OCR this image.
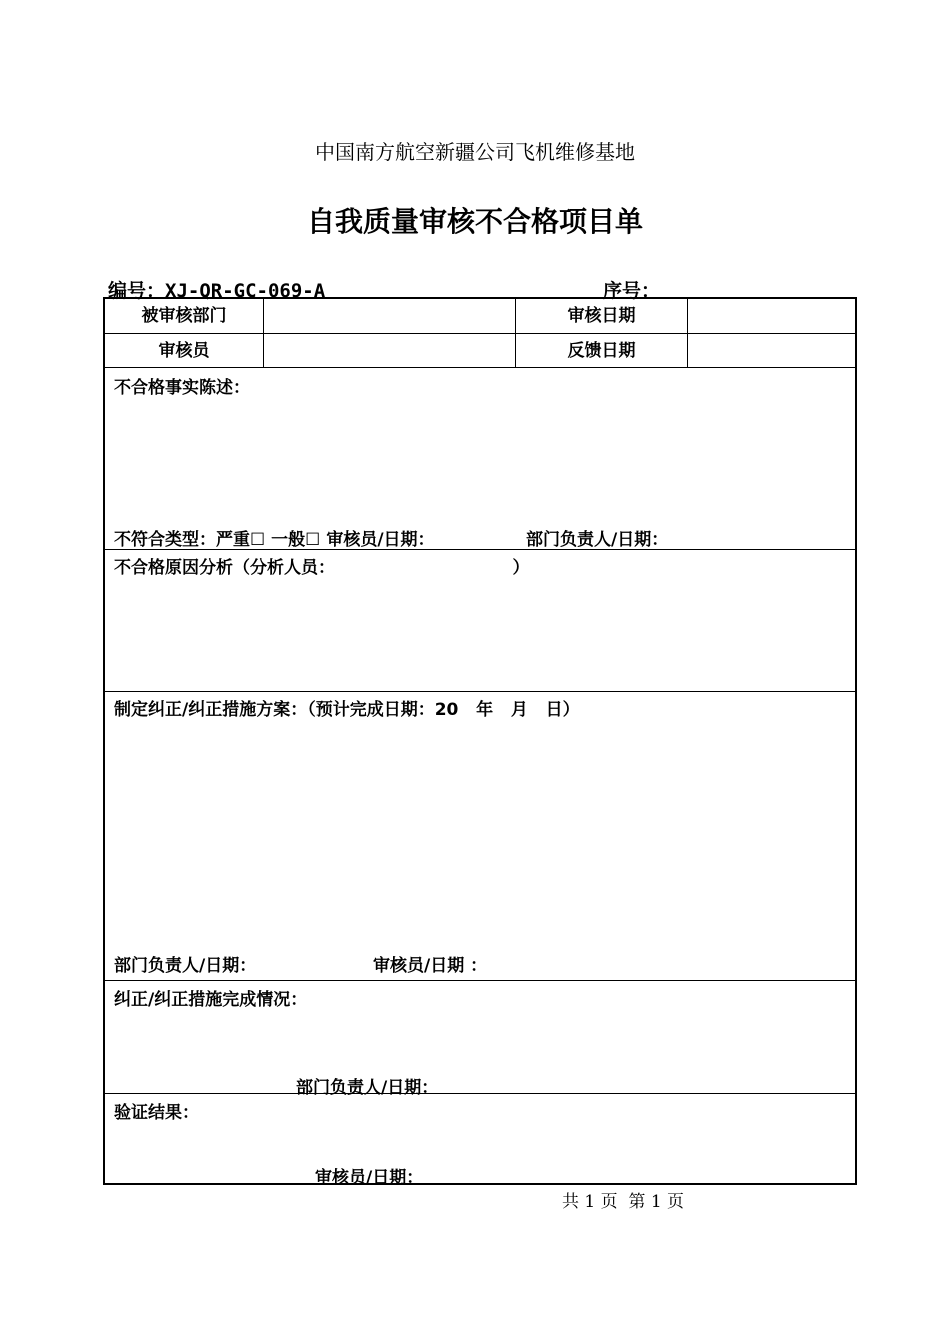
中国南方航空新疆公司飞机维修基地
自我质量审核不合格项目单
编号：XJ-QR-GC-069-A	序号：
被审核部门	审核日期
审核员	反馈日期
不合格事实陈述：
不符合类型：严重☐ 一般☐ 审核员/日期：	部门负责人/日期：
不合格原因分析（分析人员：                              ）
制定纠正/纠正措施方案：（预计完成日期：20   年   月   日）
部门负责人/日期：	审核员/日期 ：
纠正/纠正措施完成情况：
部门负责人/日期：
验证结果：
审核员/日期：
共 1 页  第 1 页
